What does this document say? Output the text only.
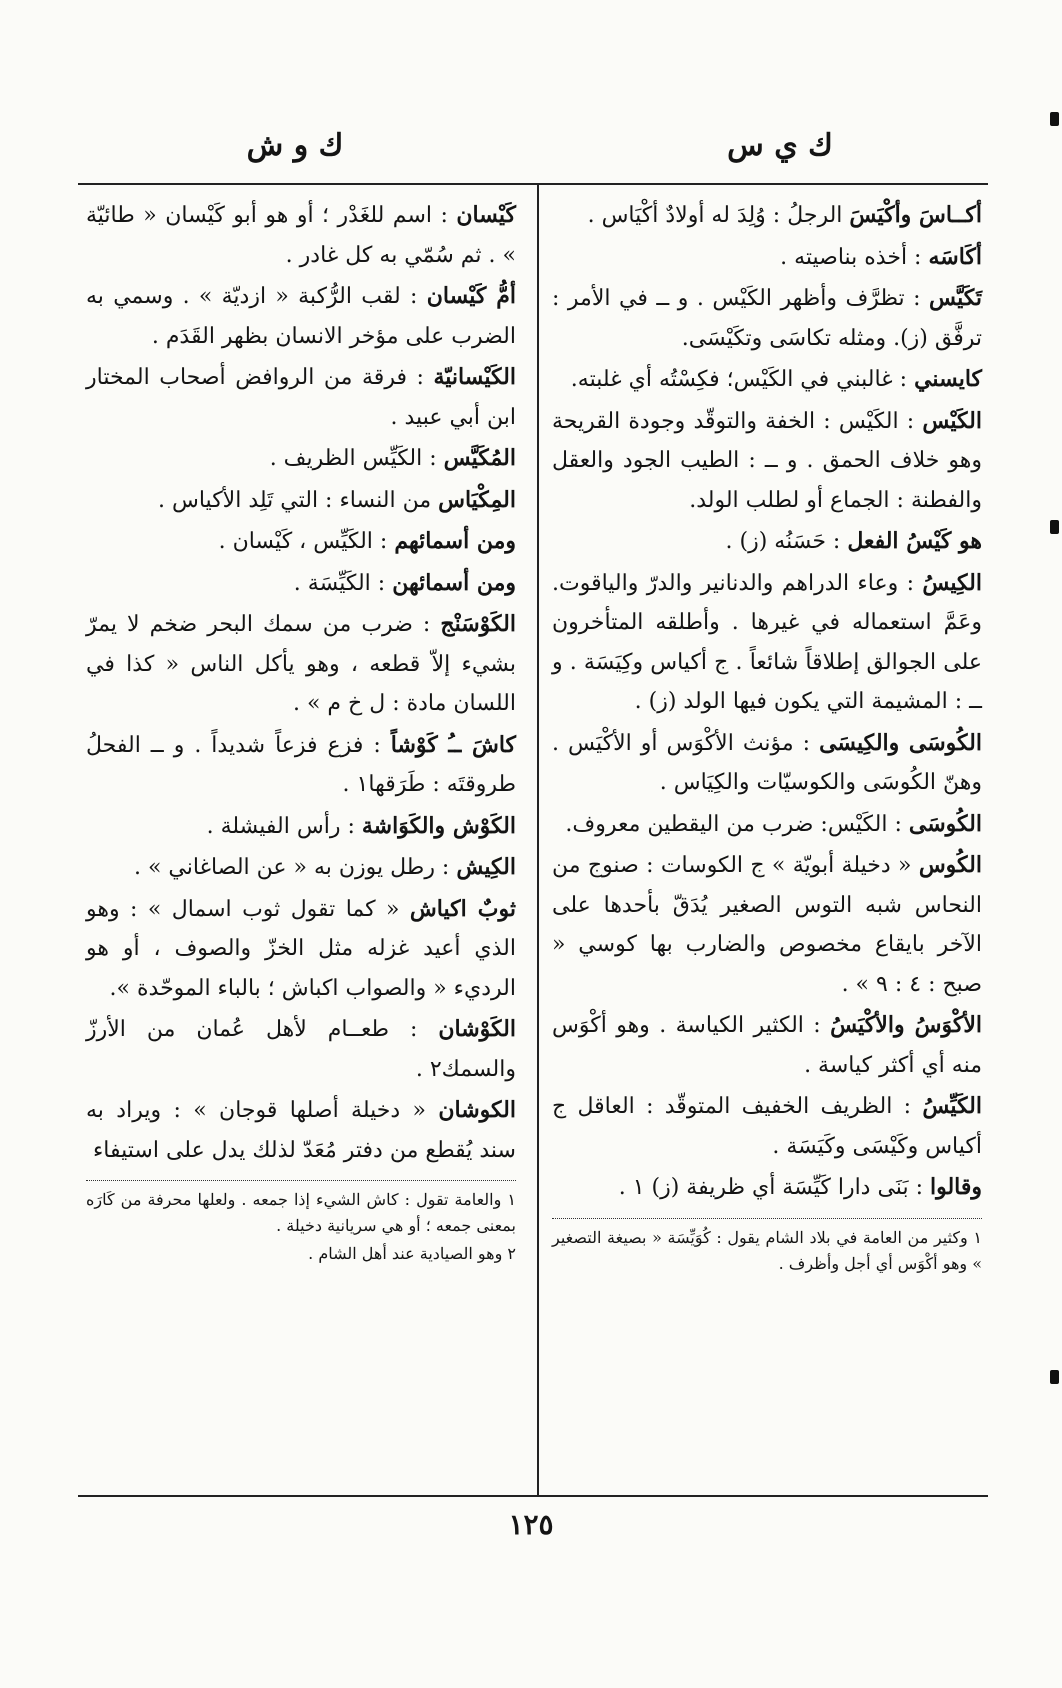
ك ي س
ك و ش

أكــاسَ وأكْيَسَ الرجلُ : وُلِدَ له أولادٌ أكْيَاس .

أكَاسَه : أخذه بناصيته .

تَكَيَّس : تظرَّف وأظهر الكَيْس . و ــ في الأمر : ترفَّق (ز). ومثله تكاسَى وتكَيْسَى.

كايسني : غالبني في الكَيْس؛ فكِسْتُه أي غلبته.

الكَيْس : الكَيْس : الخفة والتوقّد وجودة القريحة وهو خلاف الحمق . و ــ : الطيب الجود والعقل والفطنة : الجماع أو لطلب الولد.

هو كَيْسُ الفعل : حَسَنُه (ز) .

الكِيسُ : وعاء الدراهم والدنانير والدرّ والياقوت. وعَمَّ استعماله في غيرها . وأطلقه المتأخرون على الجوالق إطلاقاً شائعاً . ج أكياس وكِيَسَة . و ــ : المشيمة التي يكون فيها الولد (ز) .

الكُوسَى والكِيسَى : مؤنث الأكْوَس أو الأكْيَس . وهنّ الكُوسَى والكوسيّات والكِيَاس .

الكُوسَى : الكَيْس: ضرب من اليقطين معروف.

الكُوس « دخيلة أبويّة » ج الكوسات : صنوج من النحاس شبه التوس الصغير يُدَقّ بأحدها على الآخر بايقاع مخصوص والضارب بها كوسي « صبح : ٤ : ٩ » .

الأكْوَسُ والأكْيَسُ : الكثير الكياسة . وهو أكْوَس منه أي أكثر كياسة .

الكَيِّسُ : الظريف الخفيف المتوقّد : العاقل ج أكياس وكَيْسَى وكَيَسَة .

وقالوا : بَنَى دارا كَيِّسَة أي ظريفة (ز) ١ .

١ وكثير من العامة في بلاد الشام يقول : كُوَيِّسَة « بصيغة التصغير » وهو أكْوَس أي أجل وأظرف .

كَيْسان : اسم للغَدْر ؛ أو هو أبو كَيْسان « طائيّة » . ثم سُمّي به كل غادر .

أمُّ كَيْسان : لقب الرُّكبة « ازديّة » . وسمي به الضرب على مؤخر الانسان بظهر القَدَم .

الكَيْسانيّة : فرقة من الروافض أصحاب المختار ابن أبي عبيد .

المُكَيَّس : الكَيِّس الظريف .

المِكْيَاس من النساء : التي تَلِد الأكياس .

ومن أسمائهم : الكَيِّس ، كَيْسان .

ومن أسمائهن : الكَيِّسَة .

الكَوْسَنْج : ضرب من سمك البحر ضخم لا يمرّ بشيء إلاّ قطعه ، وهو يأكل الناس « كذا في اللسان مادة : ل خ م » .

كاشَ ــُ كَوْشاً : فزع فزعاً شديداً . و ــ الفحلُ طروقتَه : طَرَقها١ .

الكَوْش والكَوَاشة : رأس الفيشلة .

الكِيش : رطل يوزن به « عن الصاغاني » .

ثوبٌ اكياش « كما تقول ثوب اسمال » : وهو الذي أعيد غزله مثل الخزّ والصوف ، أو هو الرديء « والصواب اكباش ؛ بالباء الموحّدة ».

الكَوْشان : طعــام لأهل عُمان من الأرزّ والسمك٢ .

الكوشان « دخيلة أصلها قوجان » : ويراد به سند يُقطع من دفتر مُعَدّ لذلك يدل على استيفاء

١ والعامة تقول : كاش الشيء إذا جمعه . ولعلها محرفة من كَارَه بمعنى جمعه ؛ أو هي سريانية دخيلة .

٢ وهو الصيادية عند أهل الشام .

١٢٥
